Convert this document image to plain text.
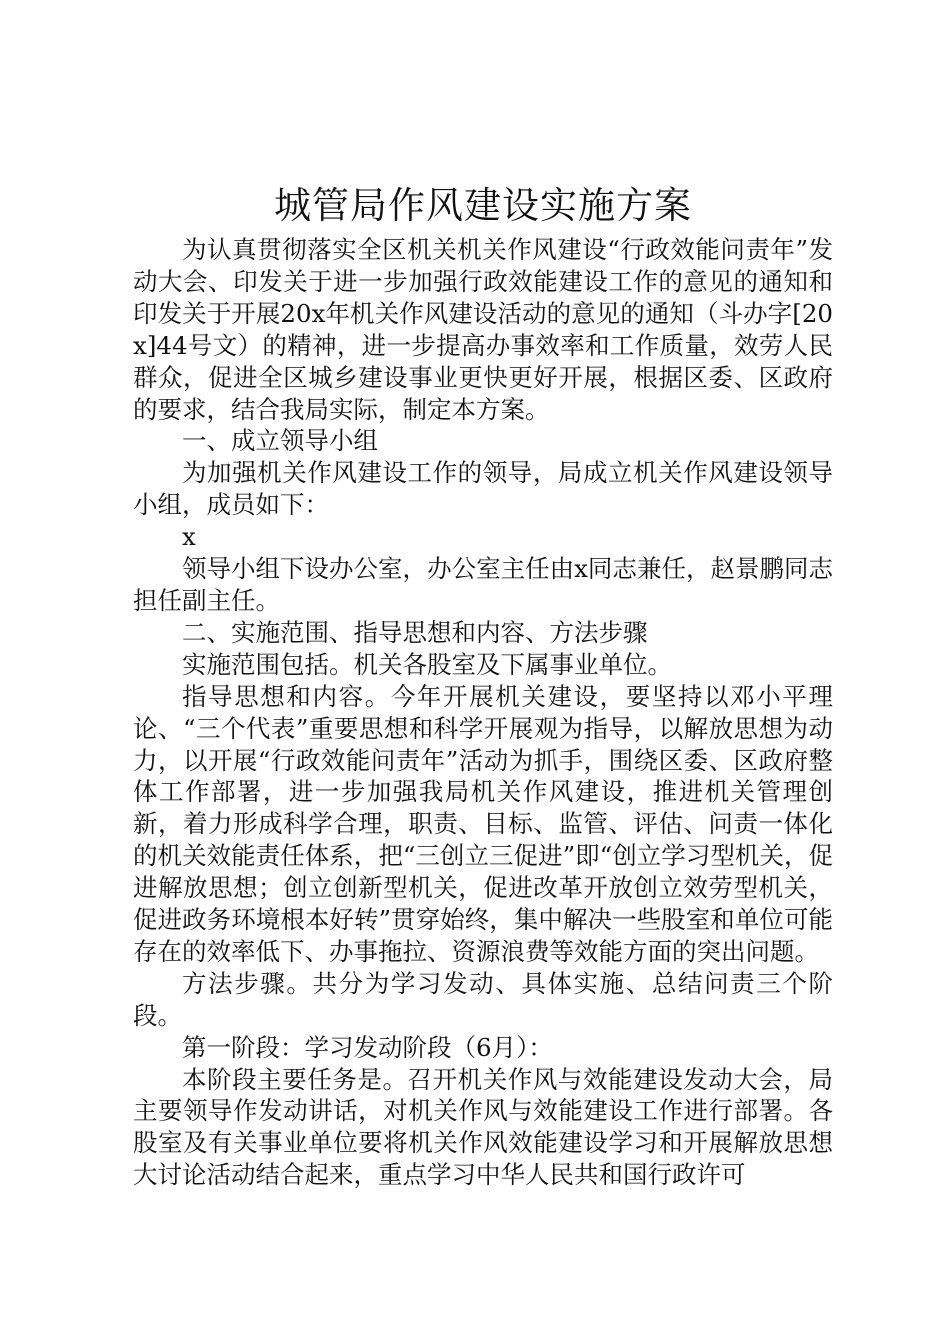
城管局作风建设实施方案

为认真贯彻落实全区机关机关作风建设“行政效能问责年”发动大会、印发关于进一步加强行政效能建设工作的意见的通知和印发关于开展20x年机关作风建设活动的意见的通知（斗办字[20x]44号文）的精神，进一步提高办事效率和工作质量，效劳人民群众，促进全区城乡建设事业更快更好开展，根据区委、区政府的要求，结合我局实际，制定本方案。

一、成立领导小组

为加强机关作风建设工作的领导，局成立机关作风建设领导小组，成员如下：

x

领导小组下设办公室，办公室主任由x同志兼任，赵景鹏同志担任副主任。

二、实施范围、指导思想和内容、方法步骤

实施范围包括。机关各股室及下属事业单位。

指导思想和内容。今年开展机关建设，要坚持以邓小平理论、“三个代表”重要思想和科学开展观为指导，以解放思想为动力，以开展“行政效能问责年”活动为抓手，围绕区委、区政府整体工作部署，进一步加强我局机关作风建设，推进机关管理创新，着力形成科学合理，职责、目标、监管、评估、问责一体化的机关效能责任体系，把“三创立三促进”即“创立学习型机关，促进解放思想；创立创新型机关，促进改革开放创立效劳型机关，促进政务环境根本好转”贯穿始终，集中解决一些股室和单位可能存在的效率低下、办事拖拉、资源浪费等效能方面的突出问题。

方法步骤。共分为学习发动、具体实施、总结问责三个阶段。

第一阶段：学习发动阶段（6月）：

本阶段主要任务是。召开机关作风与效能建设发动大会，局主要领导作发动讲话，对机关作风与效能建设工作进行部署。各股室及有关事业单位要将机关作风效能建设学习和开展解放思想大讨论活动结合起来，重点学习中华人民共和国行政许可
